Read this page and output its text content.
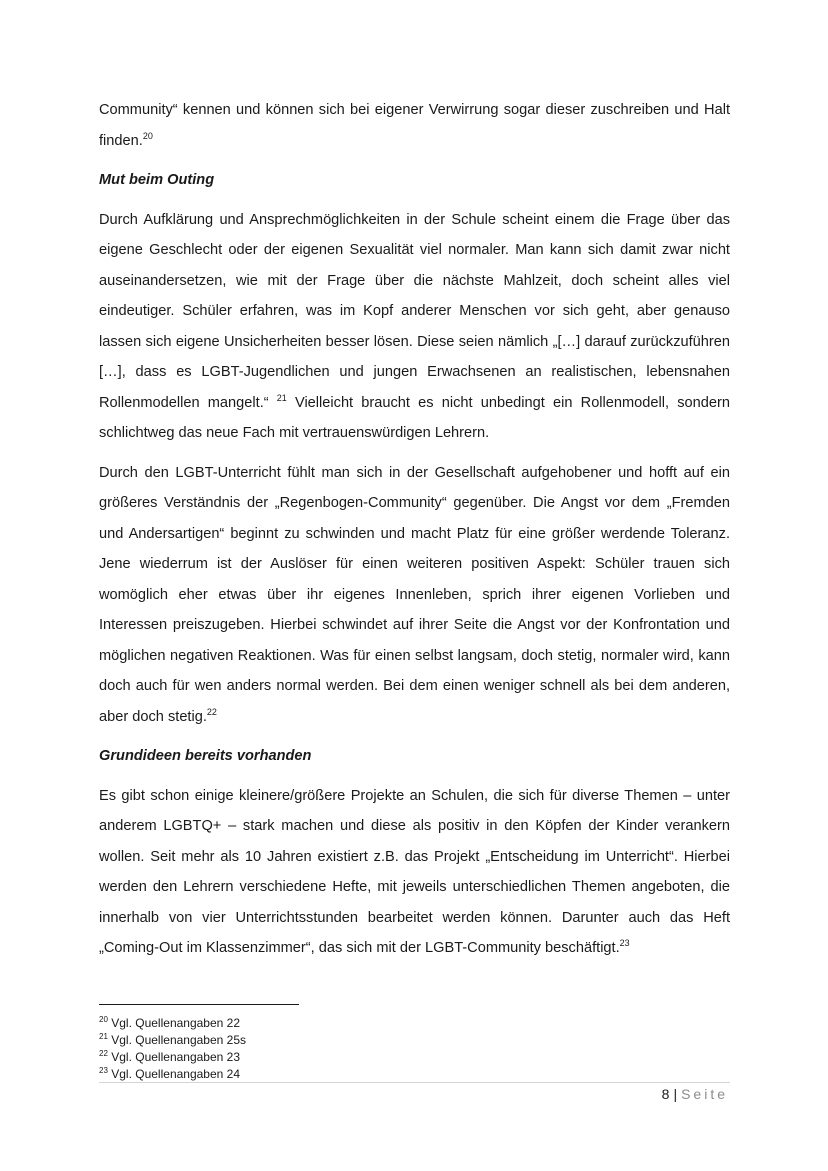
Community“ kennen und können sich bei eigener Verwirrung sogar dieser zuschreiben und Halt finden.$^{20}$

Mut beim Outing

Durch Aufklärung und Ansprechmöglichkeiten in der Schule scheint einem die Frage über das eigene Geschlecht oder der eigenen Sexualität viel normaler. Man kann sich damit zwar nicht auseinandersetzen, wie mit der Frage über die nächste Mahlzeit, doch scheint alles viel eindeutiger. Schüler erfahren, was im Kopf anderer Menschen vor sich geht, aber genauso lassen sich eigene Unsicherheiten besser lösen. Diese seien nämlich „[…] darauf zurückzuführen […], dass es LGBT-Jugendlichen und jungen Erwachsenen an realistischen, lebensnahen Rollenmodellen mangelt.“ $^{21}$ Vielleicht braucht es nicht unbedingt ein Rollenmodell, sondern schlichtweg das neue Fach mit vertrauenswürdigen Lehrern.

Durch den LGBT-Unterricht fühlt man sich in der Gesellschaft aufgehobener und hofft auf ein größeres Verständnis der „Regenbogen-Community“ gegenüber. Die Angst vor dem „Fremden und Andersartigen“ beginnt zu schwinden und macht Platz für eine größer werdende Toleranz. Jene wiederrum ist der Auslöser für einen weiteren positiven Aspekt: Schüler trauen sich womöglich eher etwas über ihr eigenes Innenleben, sprich ihrer eigenen Vorlieben und Interessen preiszugeben. Hierbei schwindet auf ihrer Seite die Angst vor der Konfrontation und möglichen negativen Reaktionen. Was für einen selbst langsam, doch stetig, normaler wird, kann doch auch für wen anders normal werden. Bei dem einen weniger schnell als bei dem anderen, aber doch stetig.$^{22}$

Grundideen bereits vorhanden

Es gibt schon einige kleinere/größere Projekte an Schulen, die sich für diverse Themen – unter anderem LGBTQ+ – stark machen und diese als positiv in den Köpfen der Kinder verankern wollen. Seit mehr als 10 Jahren existiert z.B. das Projekt „Entscheidung im Unterricht“. Hierbei werden den Lehrern verschiedene Hefte, mit jeweils unterschiedlichen Themen angeboten, die innerhalb von vier Unterrichtsstunden bearbeitet werden können. Darunter auch das Heft „Coming-Out im Klassenzimmer“, das sich mit der LGBT-Community beschäftigt.$^{23}$

$^{20}$ Vgl. Quellenangaben 22
$^{21}$ Vgl. Quellenangaben 25s
$^{22}$ Vgl. Quellenangaben 23
$^{23}$ Vgl. Quellenangaben 24
8 | Seite
